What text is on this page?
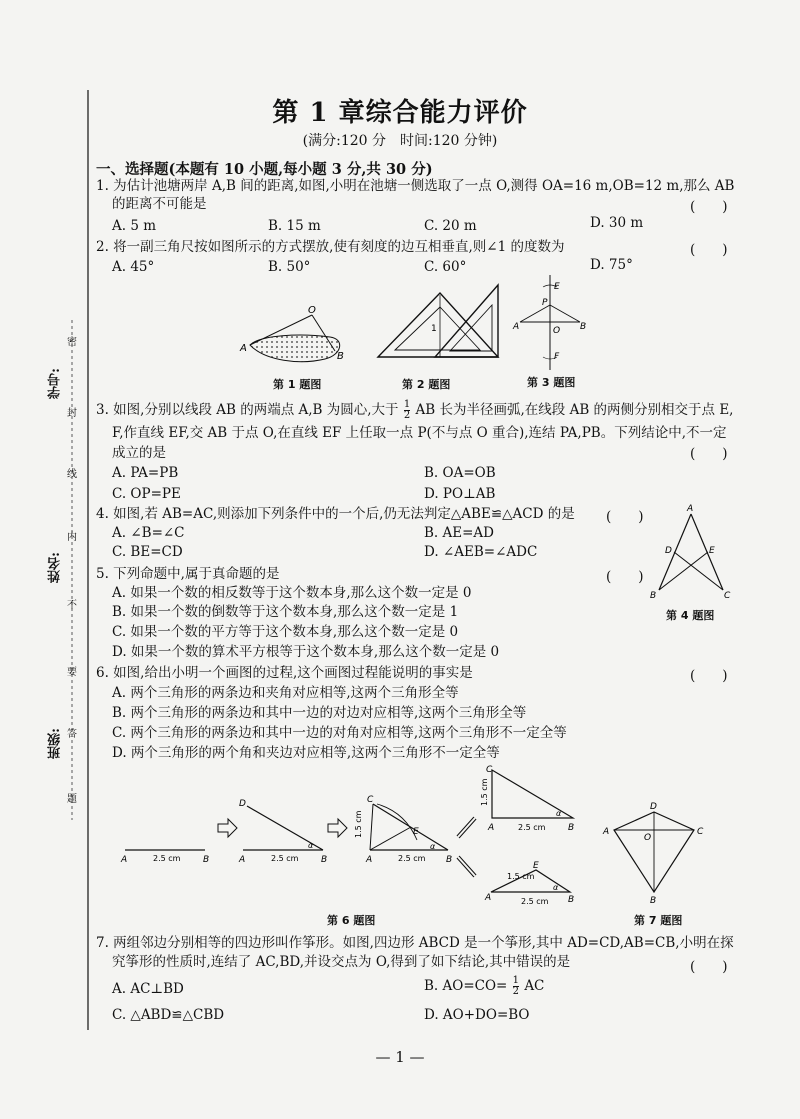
学号:
姓名:
班级:
密
封
线
内
不
要
答
题
第 1 章综合能力评价
(满分:120 分　时间:120 分钟)
一、选择题(本题有 10 小题,每小题 3 分,共 30 分)
1. 为估计池塘两岸 A,B 间的距离,如图,小明在池塘一侧选取了一点 O,测得 OA=16 m,OB=12 m,那么 AB
的距离不可能是	(　　)
A. 5 m	B. 15 m	C. 20 m	D. 30 m
2. 将一副三角尺按如图所示的方式摆放,使有刻度的边互相垂直,则∠1 的度数为	(　　)
A. 45°	B. 50°	C. 60°	D. 75°
O
A
B
1
E
P
O
A	B
F
第 1 题图	第 2 题图	第 3 题图
3. 如图,分别以线段 AB 的两端点 A,B 为圆心,大于 $\frac{1}{2}$ AB 长为半径画弧,在线段 AB 的两侧分别相交于点 E,
F,作直线 EF,交 AB 于点 O,在直线 EF 上任取一点 P(不与点 O 重合),连结 PA,PB。下列结论中,不一定
成立的是	(　　)
A. PA=PB	B. OA=OB
C. OP=PE	D. PO⊥AB
4. 如图,若 AB=AC,则添加下列条件中的一个后,仍无法判定△ABE≌△ACD 的是 (　　)
A. ∠B=∠C	B. AE=AD
C. BE=CD	D. ∠AEB=∠ADC
A
D	E
B	C
第 4 题图
5. 下列命题中,属于真命题的是	(　　)
A. 如果一个数的相反数等于这个数本身,那么这个数一定是 0
B. 如果一个数的倒数等于这个数本身,那么这个数一定是 1
C. 如果一个数的平方等于这个数本身,那么这个数一定是 0
D. 如果一个数的算术平方根等于这个数本身,那么这个数一定是 0
6. 如图,给出小明一个画图的过程,这个画图过程能说明的事实是	(　　)
A. 两个三角形的两条边和夹角对应相等,这两个三角形全等
B. 两个三角形的两条边和其中一边的对边对应相等,这两个三角形全等
C. 两个三角形的两条边和其中一边的对角对应相等,这两个三角形不一定全等
D. 两个三角形的两个角和夹边对应相等,这两个三角形不一定全等
A	B
2.5 cm
D
A	B
2.5 cm
α
C
E
A	B
2.5 cm
α
1.5 cm
C
A	B
2.5 cm
α
1.5 cm
A	B
E
1.5 cm
2.5 cm
α
第 6 题图
D
A	C
O
B
第 7 题图
7. 两组邻边分别相等的四边形叫作筝形。如图,四边形 ABCD 是一个筝形,其中 AD=CD,AB=CB,小明在探
究筝形的性质时,连结了 AC,BD,并设交点为 O,得到了如下结论,其中错误的是	(　　)
A. AC⊥BD	B. $AO=CO= \frac{1}{2}$ AC
C. △ABD≌△CBD	D. AO+DO=BO
— 1 —
